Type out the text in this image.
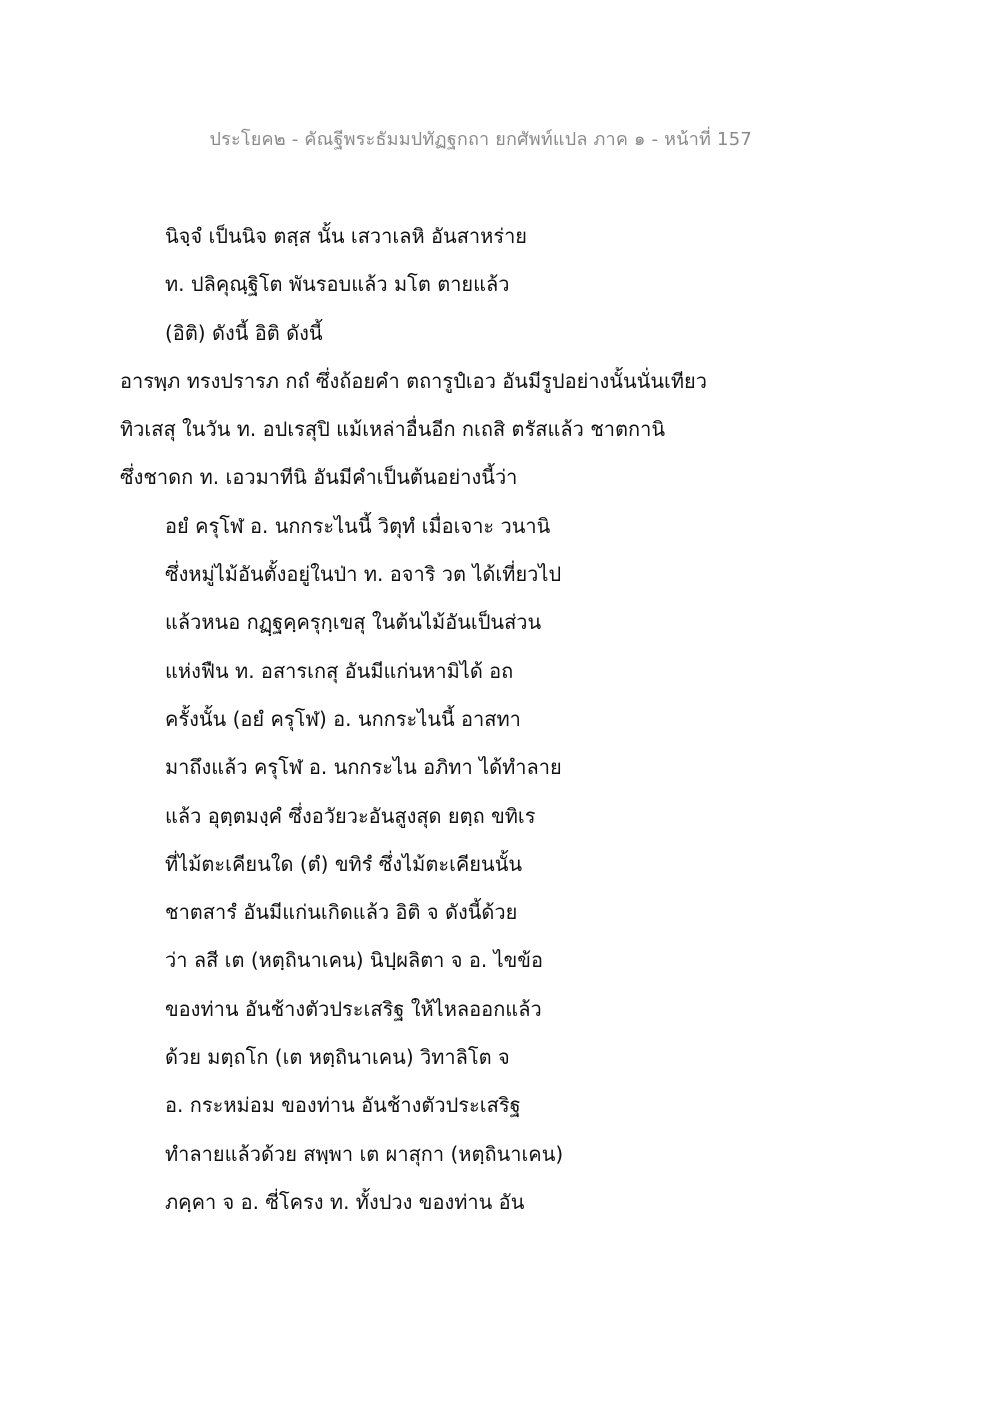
ประโยค๒ - คัณฐีพระธัมมปทัฏฐกถา ยกศัพท์แปล ภาค ๑ - หน้าที่ 157
นิจฺจํ เป็นนิจ ตสฺส นั้น เสวาเลหิ อันสาหร่าย
ท. ปลิคุณฺฐิโต พันรอบแล้ว มโต ตายแล้ว
(อิติ) ดังนี้ อิติ ดังนี้
อารพฺภ ทรงปรารภ กถํ ซึ่งถ้อยคำ ตถารูปํเอว อันมีรูปอย่างนั้นนั่นเทียว
ทิวเสสุ ในวัน ท. อปเรสุปิ แม้เหล่าอื่นอีก กเถสิ ตรัสแล้ว ชาตกานิ
ซึ่งชาดก ท. เอวมาทีนิ อันมีคำเป็นต้นอย่างนี้ว่า
อยํ ครุโฬ อ. นกกระไนนี้ วิตุทํ เมื่อเจาะ วนานิ
ซึ่งหมู่ไม้อันตั้งอยู่ในป่า ท. อจาริ วต ได้เที่ยวไป
แล้วหนอ กฏฺฐคฺครุกฺเขสุ ในต้นไม้อันเป็นส่วน
แห่งฟืน ท. อสารเกสุ อันมีแก่นหามิได้ อถ
ครั้งนั้น (อยํ ครุโฬ) อ. นกกระไนนี้ อาสทา
มาถึงแล้ว ครุโฬ อ. นกกระไน อภิทา ได้ทำลาย
แล้ว อุตฺตมงฺคํ ซึ่งอวัยวะอันสูงสุด ยตฺถ ขทิเร
ที่ไม้ตะเคียนใด (ตํ) ขทิรํ ซึ่งไม้ตะเคียนนั้น
ชาตสารํ อันมีแก่นเกิดแล้ว อิติ จ ดังนี้ด้วย
ว่า ลสี เต (หตฺถินาเคน) นิปฺผลิตา จ อ. ไขข้อ
ของท่าน อันช้างตัวประเสริฐ ให้ไหลออกแล้ว
ด้วย มตฺถโก (เต หตฺถินาเคน) วิทาลิโต จ
อ. กระหม่อม ของท่าน อันช้างตัวประเสริฐ
ทำลายแล้วด้วย สพฺพา เต ผาสุกา (หตฺถินาเคน)
ภคฺคา จ อ. ซี่โครง ท. ทั้งปวง ของท่าน อัน
